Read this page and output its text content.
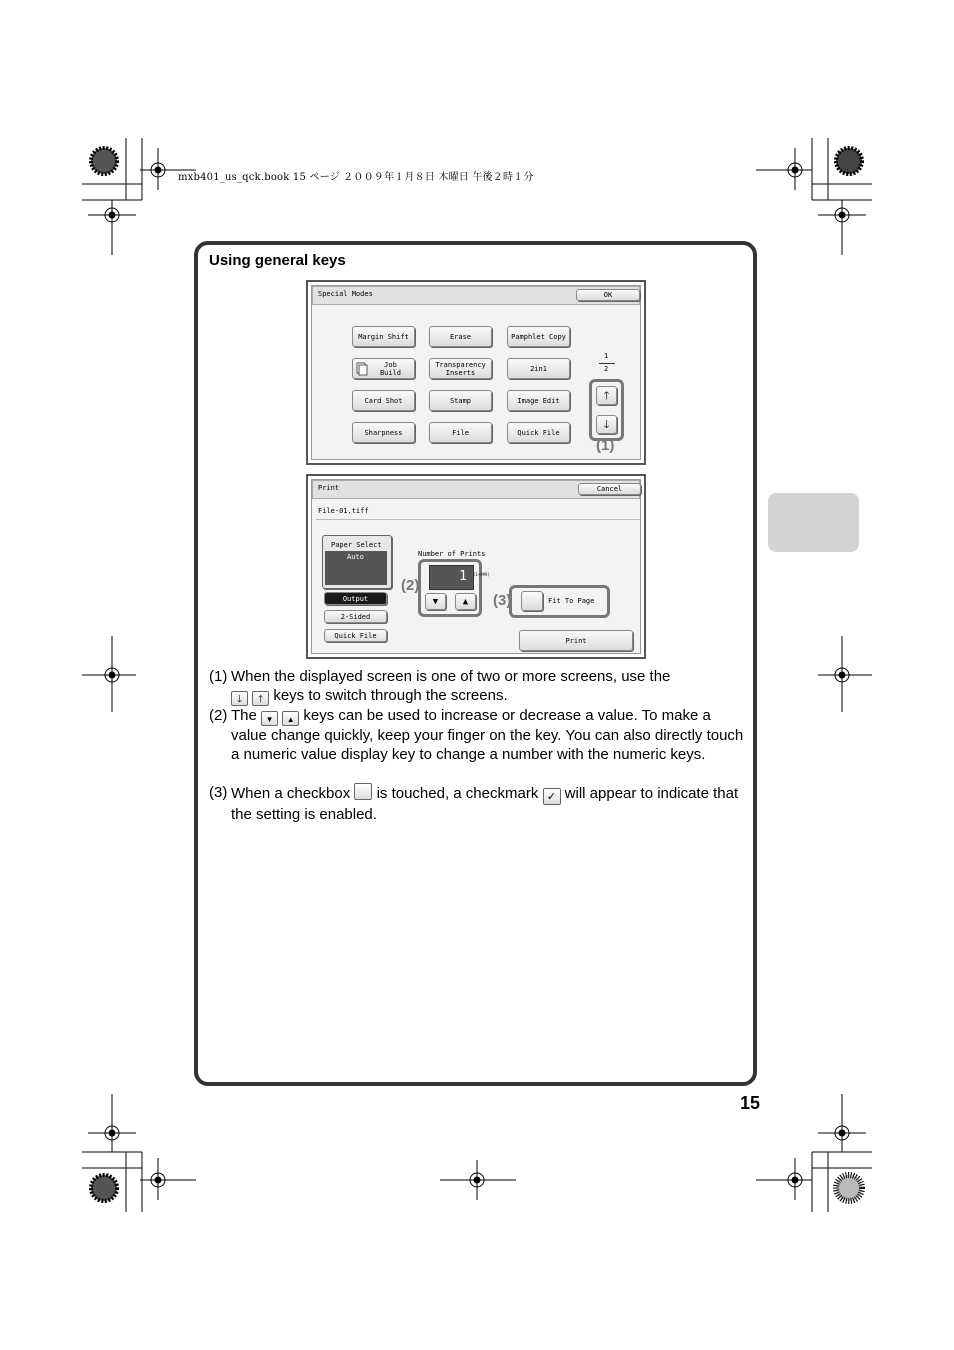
mxb401_us_qck.book 15 ページ ２００９年１月８日 木曜日 午後２時１分
Using general keys
15
Special Modes	OK
Margin Shift	Erase	Pamphlet Copy
Job
Build
Transparency
Inserts	2in1
Card Shot	Stamp	Image Edit
Sharpness	File	Quick File
1
2
🡑
🡓
(1)
Print	Cancel
File-01.tiff
Paper Select
Auto
Output
2-Sided
Quick File
Number of Prints
(2)
1 (1~999)
▼	▲ (3)	Fit To Page
Print
(1) When the displayed screen is one of two or more screens, use the
🡓 🡑 keys to switch through the screens.
(2) The ▼ ▲ keys can be used to increase or decrease a value. To make a value change quickly, keep your finger on the key. You can also directly touch a numeric value display key to change a number with the numeric keys.
(3) When a checkbox is touched, a checkmark ✓ will appear to indicate that the setting is enabled.
